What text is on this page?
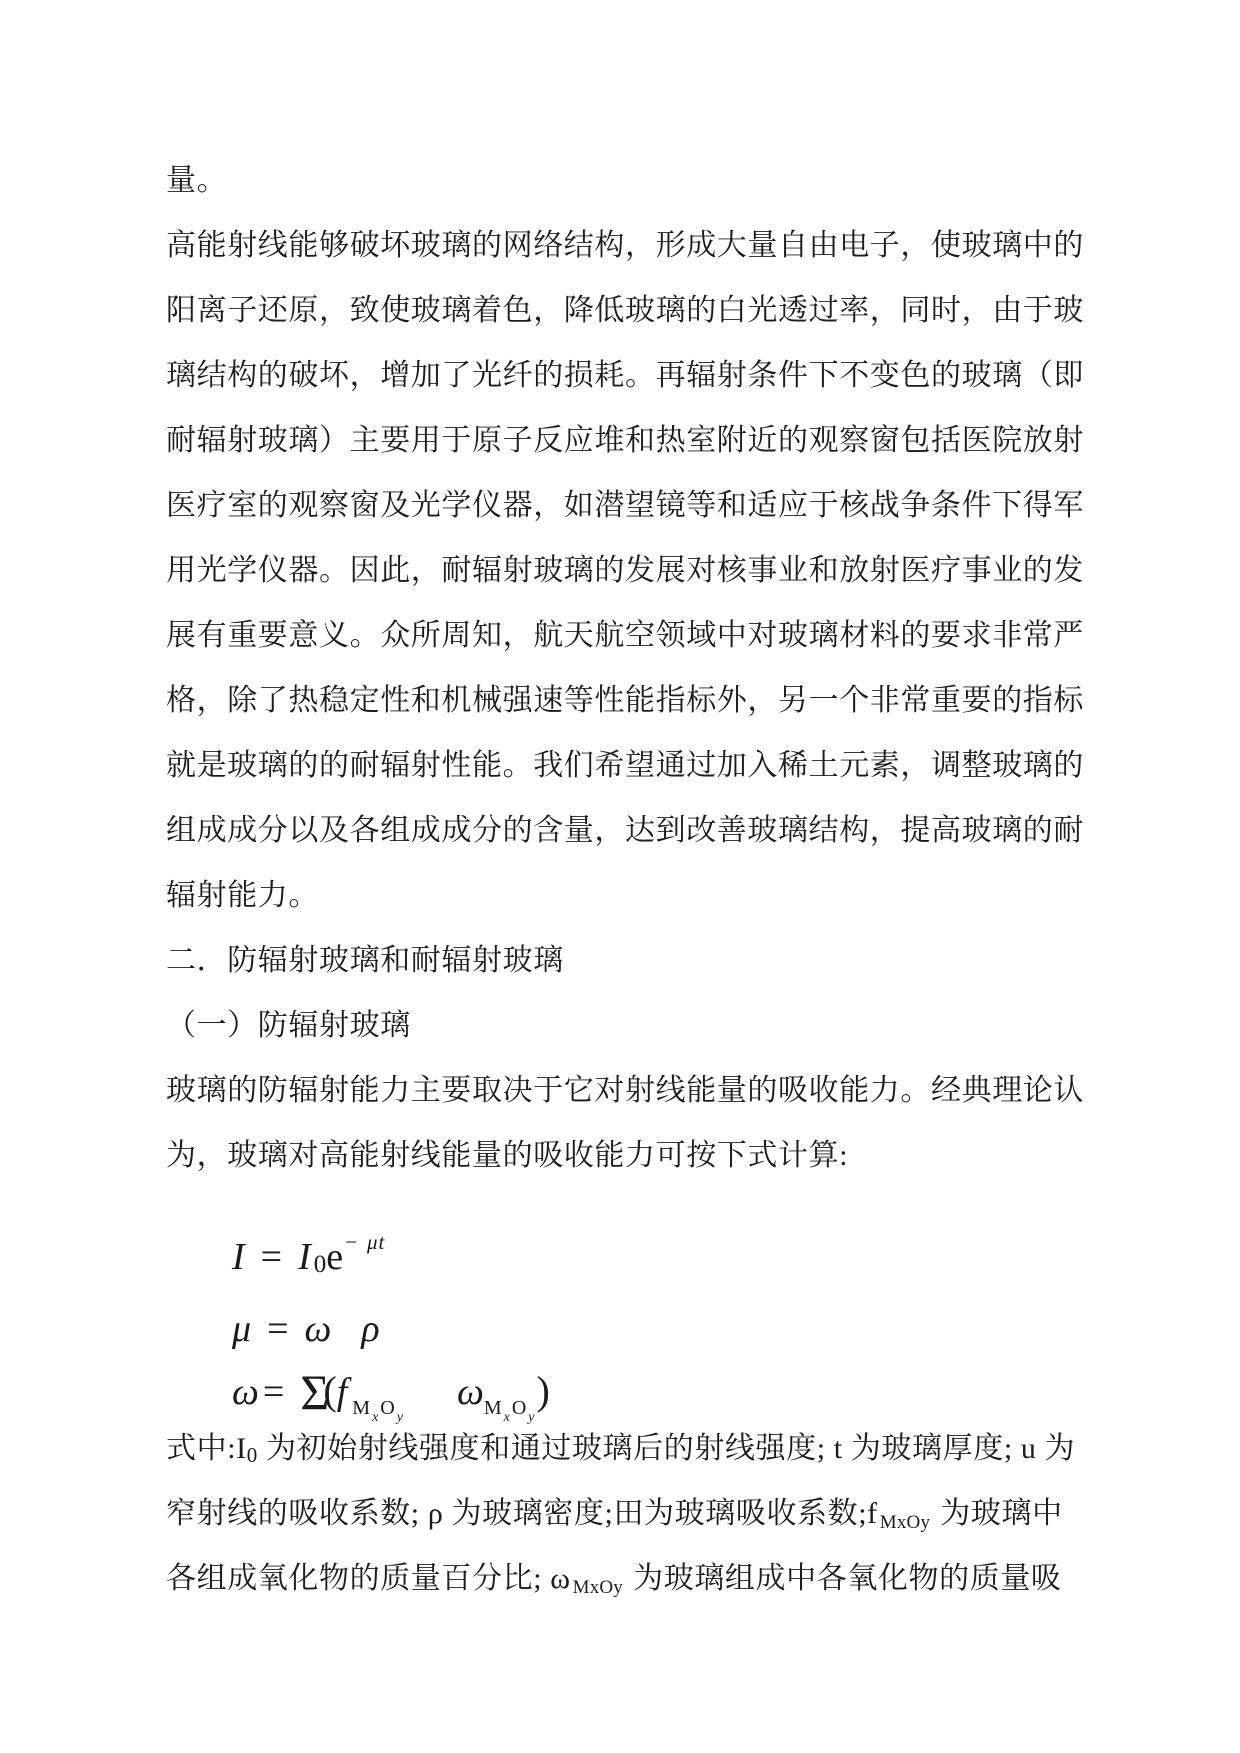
量。
高能射线能够破坏玻璃的网络结构，形成大量自由电子，使玻璃中的
阳离子还原，致使玻璃着色，降低玻璃的白光透过率，同时，由于玻
璃结构的破坏，增加了光纤的损耗。再辐射条件下不变色的玻璃（即
耐辐射玻璃）主要用于原子反应堆和热室附近的观察窗包括医院放射
医疗室的观察窗及光学仪器，如潜望镜等和适应于核战争条件下得军
用光学仪器。因此，耐辐射玻璃的发展对核事业和放射医疗事业的发
展有重要意义。众所周知，航天航空领域中对玻璃材料的要求非常严
格，除了热稳定性和机械强速等性能指标外，另一个非常重要的指标
就是玻璃的的耐辐射性能。我们希望通过加入稀土元素，调整玻璃的
组成成分以及各组成成分的含量，达到改善玻璃结构，提高玻璃的耐
辐射能力。
二．防辐射玻璃和耐辐射玻璃
（一）防辐射玻璃
玻璃的防辐射能力主要取决于它对射线能量的吸收能力。经典理论认
为，玻璃对高能射线能量的吸收能力可按下式计算:
I = I $0e^{- \mu t}$
μ = ω ρ
ω = Σ(f $_{M _x O _y}\omega_{M _x O _y}$)
式中$:I_0$ 为初始射线强度和通过玻璃后的射线强度; t 为玻璃厚度; u 为
窄射线的吸收系数; ρ 为玻璃密度;田为玻璃吸收系数;f $_{MxOy}$ 为玻璃中
各组成氧化物的质量百分比; ω $_{MxOy}$ 为玻璃组成中各氧化物的质量吸
